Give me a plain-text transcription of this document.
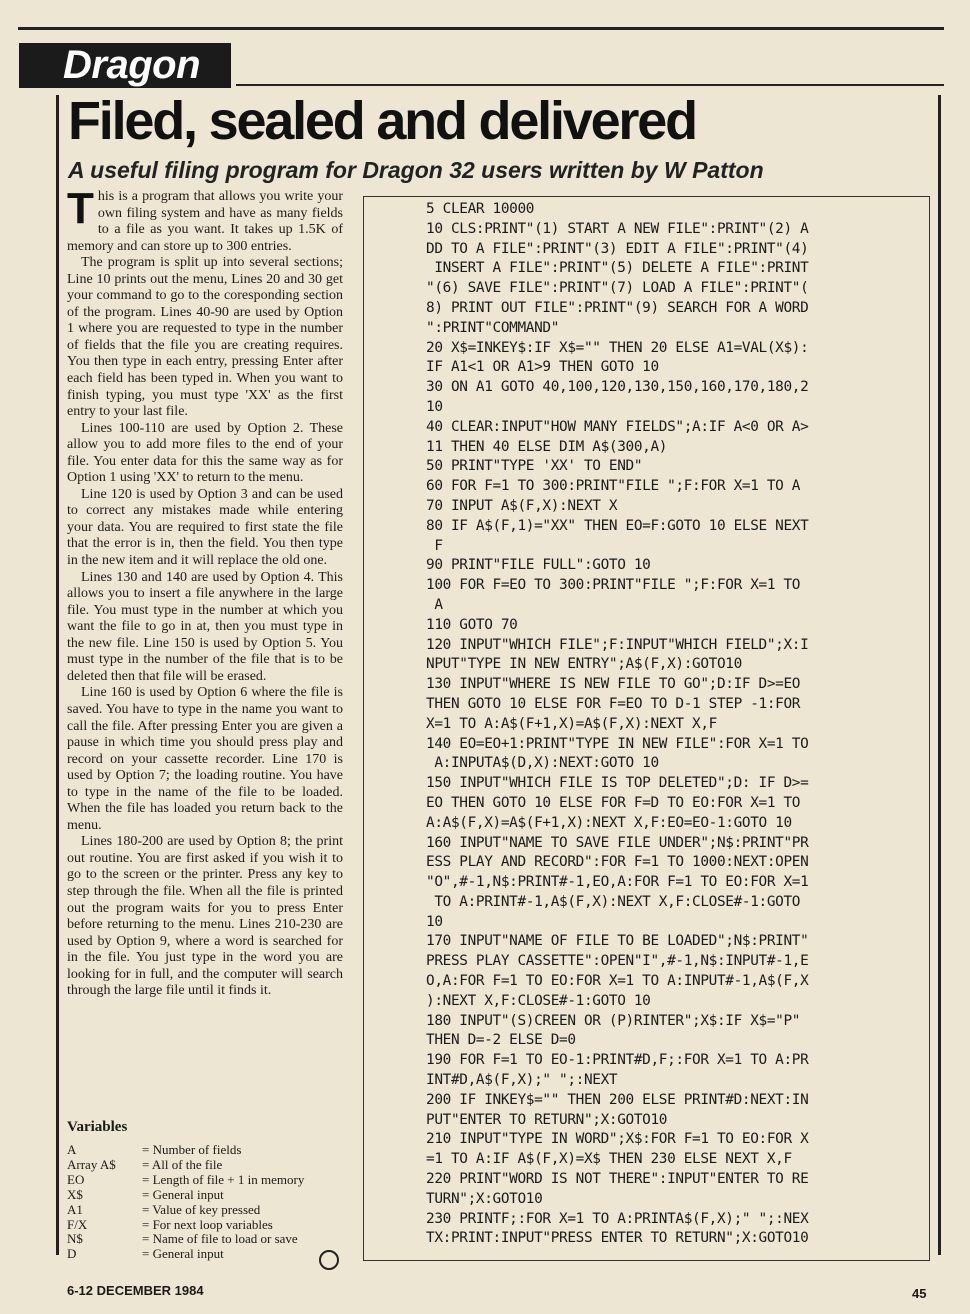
Dragon
Filed, sealed and delivered
A useful filing program for Dragon 32 users written by W Patton

This is a program that allows you write your own filing system and have as many fields to a file as you want. It takes up 1.5K of memory and can store up to 300 entries.

The program is split up into several sections; Line 10 prints out the menu, Lines 20 and 30 get your command to go to the coresponding section of the program. Lines 40-90 are used by Option 1 where you are requested to type in the number of fields that the file you are creating requires. You then type in each entry, pressing Enter after each field has been typed in. When you want to finish typing, you must type 'XX' as the first entry to your last file.

Lines 100-110 are used by Option 2. These allow you to add more files to the end of your file. You enter data for this the same way as for Option 1 using 'XX' to return to the menu.

Line 120 is used by Option 3 and can be used to correct any mistakes made while entering your data. You are required to first state the file that the error is in, then the field. You then type in the new item and it will replace the old one.

Lines 130 and 140 are used by Option 4. This allows you to insert a file anywhere in the large file. You must type in the number at which you want the file to go in at, then you must type in the new file. Line 150 is used by Option 5. You must type in the number of the file that is to be deleted then that file will be erased.

Line 160 is used by Option 6 where the file is saved. You have to type in the name you want to call the file. After pressing Enter you are given a pause in which time you should press play and record on your cassette recorder. Line 170 is used by Option 7; the loading routine. You have to type in the name of the file to be loaded. When the file has loaded you return back to the menu.

Lines 180-200 are used by Option 8; the print out routine. You are first asked if you wish it to go to the screen or the printer. Press any key to step through the file. When all the file is printed out the program waits for you to press Enter before returning to the menu. Lines 210-230 are used by Option 9, where a word is searched for in the file. You just type in the word you are looking for in full, and the computer will search through the large file until it finds it.

Variables
A	= Number of fields
Array A$	= All of the file
EO	= Length of file + 1 in memory
X$	= General input
A1	= Value of key pressed
F/X	= For next loop variables
N$	= Name of file to load or save
D	= General input
5 CLEAR 10000
10 CLS:PRINT"(1) START A NEW FILE":PRINT"(2) A
DD TO A FILE":PRINT"(3) EDIT A FILE":PRINT"(4)
INSERT A FILE":PRINT"(5) DELETE A FILE":PRINT
"(6) SAVE FILE":PRINT"(7) LOAD A FILE":PRINT"(
8) PRINT OUT FILE":PRINT"(9) SEARCH FOR A WORD
":PRINT"COMMAND"
20 X$=INKEY$:IF X$="" THEN 20 ELSE A1=VAL(X$):
IF A1<1 OR A1>9 THEN GOTO 10
30 ON A1 GOTO 40,100,120,130,150,160,170,180,2
10
40 CLEAR:INPUT"HOW MANY FIELDS";A:IF A<0 OR A>
11 THEN 40 ELSE DIM A$(300,A)
50 PRINT"TYPE 'XX' TO END"
60 FOR F=1 TO 300:PRINT"FILE ";F:FOR X=1 TO A
70 INPUT A$(F,X):NEXT X
80 IF A$(F,1)="XX" THEN EO=F:GOTO 10 ELSE NEXT
F
90 PRINT"FILE FULL":GOTO 10
100 FOR F=EO TO 300:PRINT"FILE ";F:FOR X=1 TO
A
110 GOTO 70
120 INPUT"WHICH FILE";F:INPUT"WHICH FIELD";X:I
NPUT"TYPE IN NEW ENTRY";A$(F,X):GOTO10
130 INPUT"WHERE IS NEW FILE TO GO";D:IF D>=EO
THEN GOTO 10 ELSE FOR F=EO TO D-1 STEP -1:FOR
X=1 TO A:A$(F+1,X)=A$(F,X):NEXT X,F
140 EO=EO+1:PRINT"TYPE IN NEW FILE":FOR X=1 TO
A:INPUTA$(D,X):NEXT:GOTO 10
150 INPUT"WHICH FILE IS TOP DELETED";D: IF D>=
EO THEN GOTO 10 ELSE FOR F=D TO EO:FOR X=1 TO
A:A$(F,X)=A$(F+1,X):NEXT X,F:EO=EO-1:GOTO 10
160 INPUT"NAME TO SAVE FILE UNDER";N$:PRINT"PR
ESS PLAY AND RECORD":FOR F=1 TO 1000:NEXT:OPEN
"O",#-1,N$:PRINT#-1,EO,A:FOR F=1 TO EO:FOR X=1
TO A:PRINT#-1,A$(F,X):NEXT X,F:CLOSE#-1:GOTO
10
170 INPUT"NAME OF FILE TO BE LOADED";N$:PRINT"
PRESS PLAY CASSETTE":OPEN"I",#-1,N$:INPUT#-1,E
O,A:FOR F=1 TO EO:FOR X=1 TO A:INPUT#-1,A$(F,X
):NEXT X,F:CLOSE#-1:GOTO 10
180 INPUT"(S)CREEN OR (P)RINTER";X$:IF X$="P"
THEN D=-2 ELSE D=0
190 FOR F=1 TO EO-1:PRINT#D,F;:FOR X=1 TO A:PR
INT#D,A$(F,X);" ";:NEXT
200 IF INKEY$="" THEN 200 ELSE PRINT#D:NEXT:IN
PUT"ENTER TO RETURN";X:GOTO10
210 INPUT"TYPE IN WORD";X$:FOR F=1 TO EO:FOR X
=1 TO A:IF A$(F,X)=X$ THEN 230 ELSE NEXT X,F
220 PRINT"WORD IS NOT THERE":INPUT"ENTER TO RE
TURN";X:GOTO10
230 PRINTF;:FOR X=1 TO A:PRINTA$(F,X);" ";:NEX
TX:PRINT:INPUT"PRESS ENTER TO RETURN";X:GOTO10
6-12 DECEMBER 1984	45
